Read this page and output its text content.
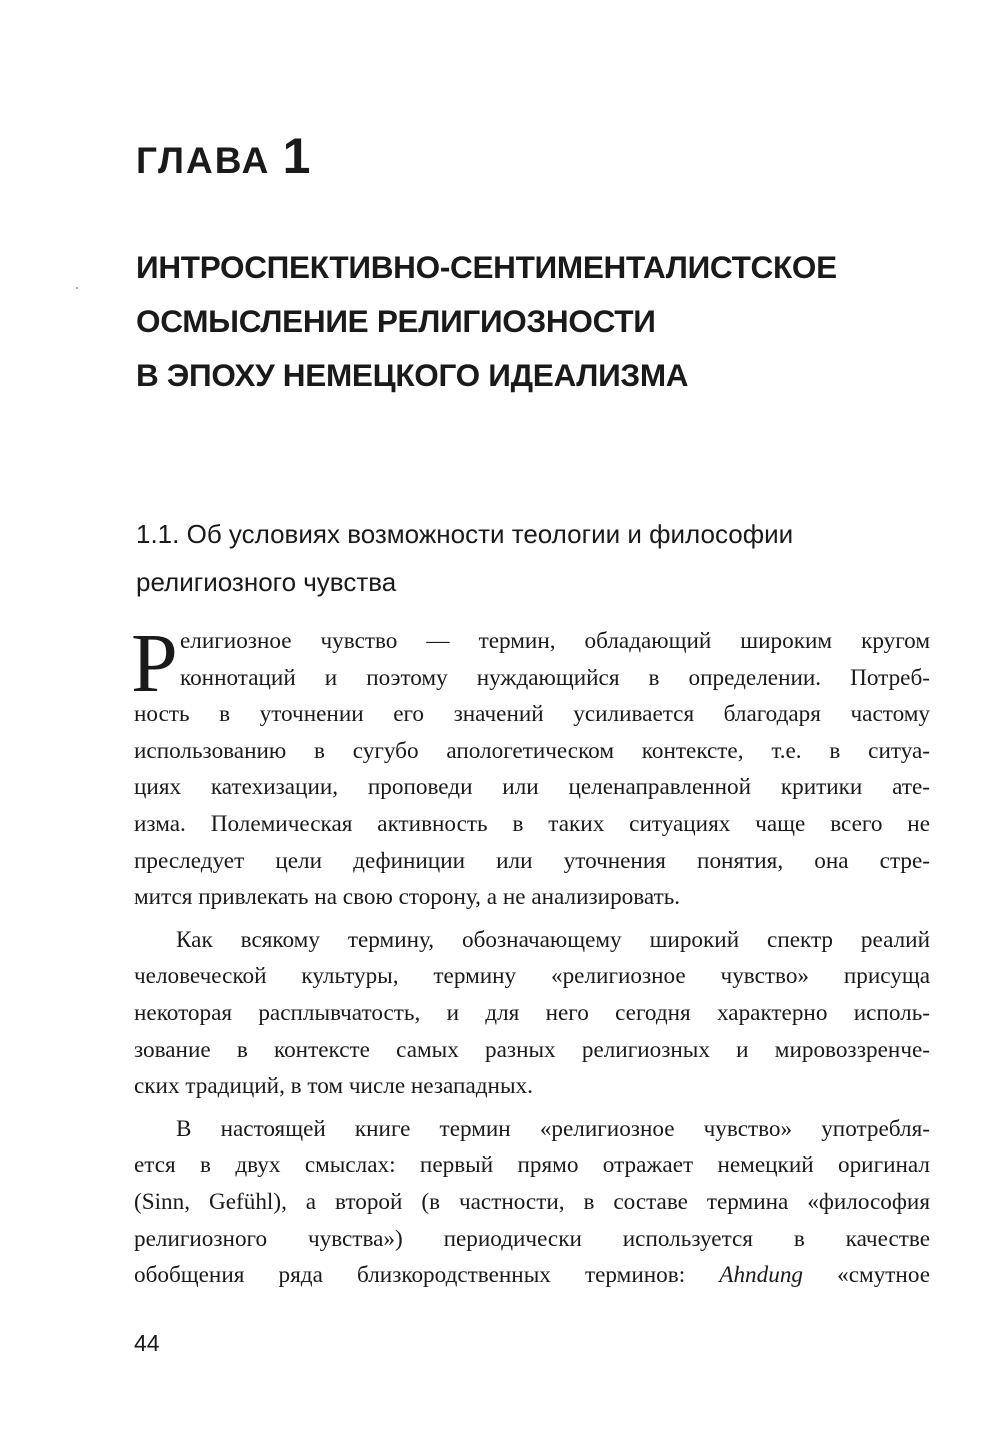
ГЛАВА 1
ИНТРОСПЕКТИВНО-СЕНТИМЕНТАЛИСТСКОЕ
ОСМЫСЛЕНИЕ РЕЛИГИОЗНОСТИ
В ЭПОХУ НЕМЕЦКОГО ИДЕАЛИЗМА
1.1. Об условиях возможности теологии и философии
религиозного чувства
Р елигиозное чувство — термин, обладающий широким кругом
коннотаций и поэтому нуждающийся в определении. Потреб-
ность в уточнении его значений усиливается благодаря частому
использованию в сугубо апологетическом контексте, т.е. в ситуа-
циях катехизации, проповеди или целенаправленной критики ате-
изма. Полемическая активность в таких ситуациях чаще всего не
преследует цели дефиниции или уточнения понятия, она стре-
мится привлекать на свою сторону, а не анализировать.
Как всякому термину, обозначающему широкий спектр реалий
человеческой культуры, термину «религиозное чувство» присуща
некоторая расплывчатость, и для него сегодня характерно исполь-
зование в контексте самых разных религиозных и мировоззренче-
ских традиций, в том числе незападных.
В настоящей книге термин «религиозное чувство» употребля-
ется в двух смыслах: первый прямо отражает немецкий оригинал
(Sinn, Gefühl), а второй (в частности, в составе термина «философия
религиозного чувства») периодически используется в качестве
обобщения ряда близкородственных терминов: Ahndung «смутное
44
